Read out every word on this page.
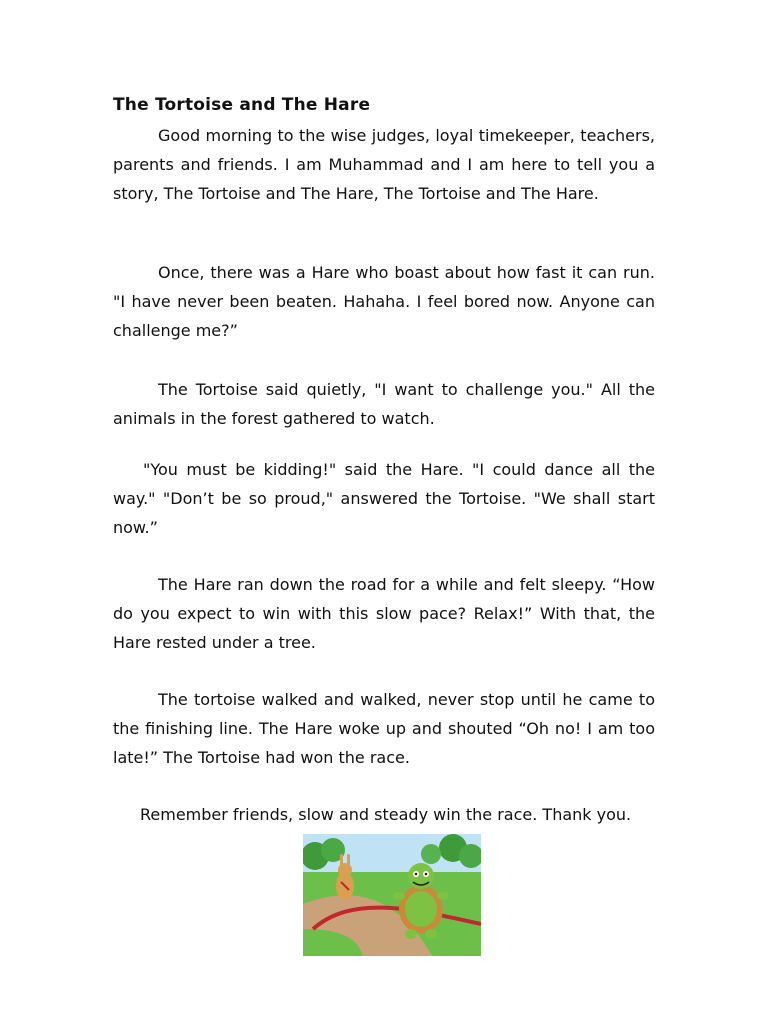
The Tortoise and The Hare

Good morning to the wise judges, loyal timekeeper, teachers, parents and friends. I am Muhammad and I am here to tell you a story, The Tortoise and The Hare, The Tortoise and The Hare.

Once, there was a Hare who boast about how fast it can run. "I have never been beaten. Hahaha. I feel bored now. Anyone can challenge me?”

The Tortoise said quietly, "I want to challenge you." All the animals in the forest gathered to watch.

"You must be kidding!" said the Hare. "I could dance all the way." "Don’t be so proud," answered the Tortoise. "We shall start now.”

The Hare ran down the road for a while and felt sleepy. “How do you expect to win with this slow pace? Relax!” With that, the Hare rested under a tree.

The tortoise walked and walked, never stop until he came to the finishing line. The Hare woke up and shouted “Oh no! I am too late!” The Tortoise had won the race.

Remember friends, slow and steady win the race. Thank you.
